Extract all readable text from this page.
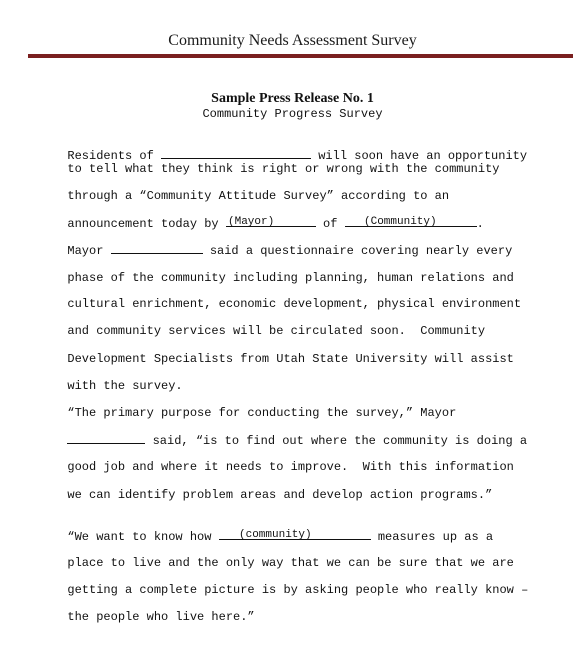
Community Needs Assessment Survey
Sample Press Release No. 1
Community Progress Survey

Residents of	will soon have an opportunity

to tell what they think is right or wrong with the community

through a “Community Attitude Survey” according to an

announcement today by	of	.

(Mayor)	(Community)

Mayor	said a questionnaire covering nearly every

phase of the community including planning, human relations and

cultural enrichment, economic development, physical environment

and community services will be circulated soon.  Community

Development Specialists from Utah State University will assist

with the survey.

“The primary purpose for conducting the survey,” Mayor

said, “is to find out where the community is doing a

good job and where it needs to improve.  With this information

we can identify problem areas and develop action programs.”

“We want to know how	measures up as a

(community)

place to live and the only way that we can be sure that we are

getting a complete picture is by asking people who really know –

the people who live here.”
